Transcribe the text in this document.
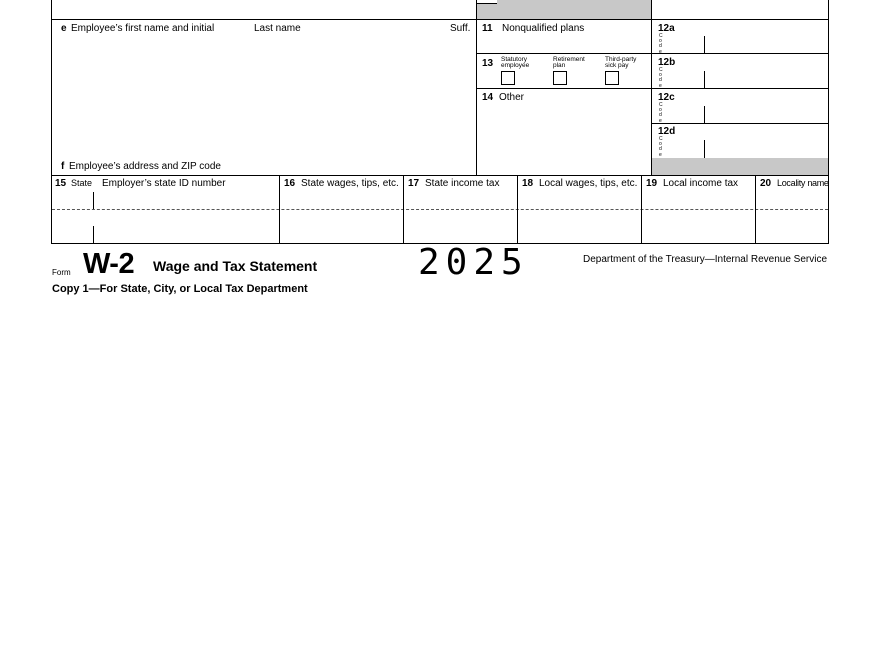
e Employee’s first name and initial	Last name	Suff.
f Employee’s address and ZIP code
11 Nonqualified plans
13 Statutory
employee
Retirement
plan
Third-party
sick pay
14 Other
12a
C
o
d
e
12b
C
o
d
e
12c
C
o
d
e
12d
C
o
d
e
15 State Employer’s state ID number	16 State wages, tips, etc. 17 State income tax 18 Local wages, tips, etc. 19 Local income tax 20 Locality name
Form W-2 Wage and Tax Statement	2025	Department of the Treasury—Internal Revenue Service
Copy 1—For State, City, or Local Tax Department
